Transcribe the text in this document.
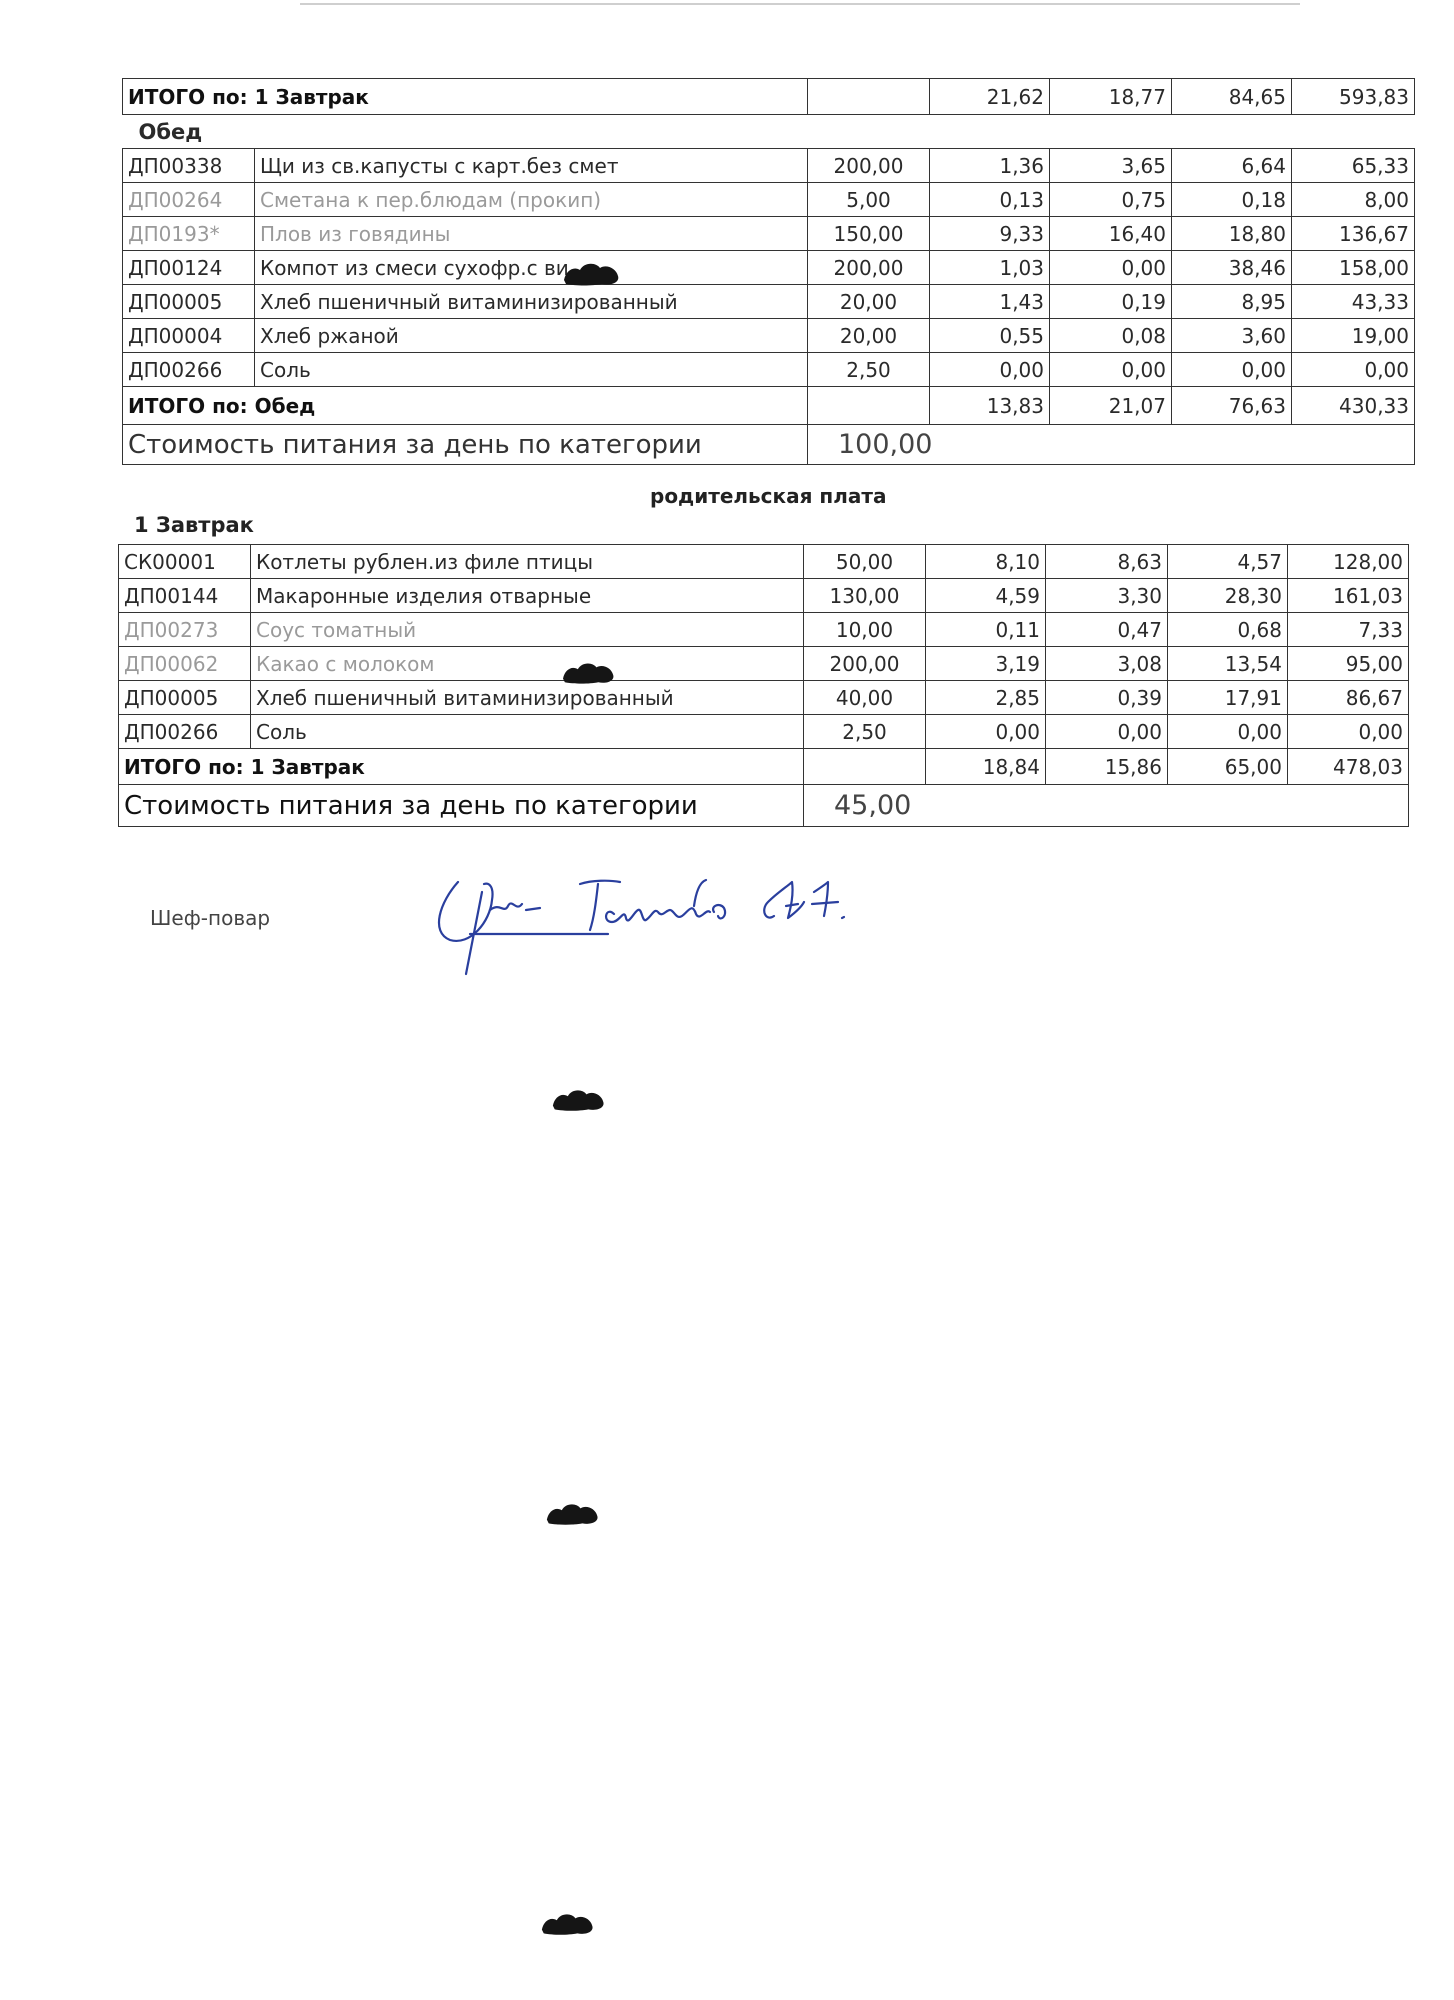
ИТОГО по: 1 Завтрак			21,62	18,77	84,65	593,83
Обед						
ДП00338	Щи из св.капусты с карт.без смет	200,00	1,36	3,65	6,64	65,33
ДП00264	Сметана к пер.блюдам (прокип)	5,00	0,13	0,75	0,18	8,00
ДП0193*	Плов из говядины	150,00	9,33	16,40	18,80	136,67
ДП00124	Компот из смеси сухофр.с ви	200,00	1,03	0,00	38,46	158,00
ДП00005	Хлеб пшеничный витаминизированный	20,00	1,43	0,19	8,95	43,33
ДП00004	Хлеб ржаной	20,00	0,55	0,08	3,60	19,00
ДП00266	Соль	2,50	0,00	0,00	0,00	0,00
ИТОГО по: Обед			13,83	21,07	76,63	430,33
Стоимость питания за день по категории		100,00				
родительская плата
1 Завтрак
СК00001	Котлеты рублен.из филе птицы	50,00	8,10	8,63	4,57	128,00
ДП00144	Макаронные изделия отварные	130,00	4,59	3,30	28,30	161,03
ДП00273	Соус томатный	10,00	0,11	0,47	0,68	7,33
ДП00062	Какао с молоком	200,00	3,19	3,08	13,54	95,00
ДП00005	Хлеб пшеничный витаминизированный	40,00	2,85	0,39	17,91	86,67
ДП00266	Соль	2,50	0,00	0,00	0,00	0,00
ИТОГО по: 1 Завтрак			18,84	15,86	65,00	478,03
Стоимость питания за день по категории		45,00				
Шеф-повар
